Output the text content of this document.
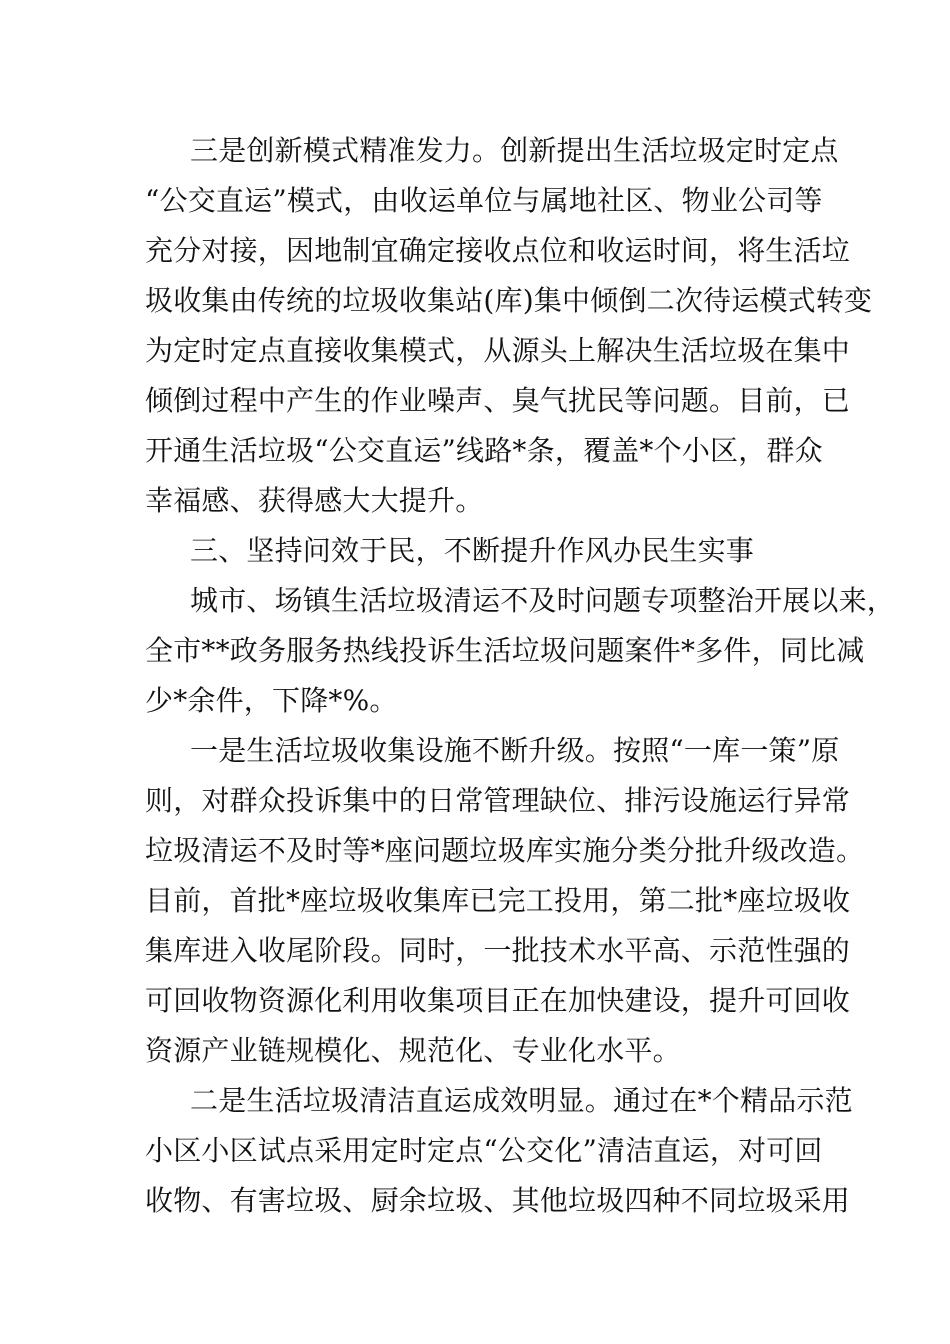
三是创新模式精准发力。创新提出生活垃圾定时定点
“公交直运”模式，由收运单位与属地社区、物业公司等
充分对接，因地制宜确定接收点位和收运时间，将生活垃
圾收集由传统的垃圾收集站(库)集中倾倒二次待运模式转变
为定时定点直接收集模式，从源头上解决生活垃圾在集中
倾倒过程中产生的作业噪声、臭气扰民等问题。目前，已
开通生活垃圾“公交直运”线路*条，覆盖*个小区，群众
幸福感、获得感大大提升。
三、坚持问效于民，不断提升作风办民生实事
城市、场镇生活垃圾清运不及时问题专项整治开展以来，
全市**政务服务热线投诉生活垃圾问题案件*多件，同比减
少*余件，下降*%。
一是生活垃圾收集设施不断升级。按照“一库一策”原
则，对群众投诉集中的日常管理缺位、排污设施运行异常
垃圾清运不及时等*座问题垃圾库实施分类分批升级改造。
目前，首批*座垃圾收集库已完工投用，第二批*座垃圾收
集库进入收尾阶段。同时，一批技术水平高、示范性强的
可回收物资源化利用收集项目正在加快建设，提升可回收
资源产业链规模化、规范化、专业化水平。
二是生活垃圾清洁直运成效明显。通过在*个精品示范
小区小区试点采用定时定点“公交化”清洁直运，对可回
收物、有害垃圾、厨余垃圾、其他垃圾四种不同垃圾采用
